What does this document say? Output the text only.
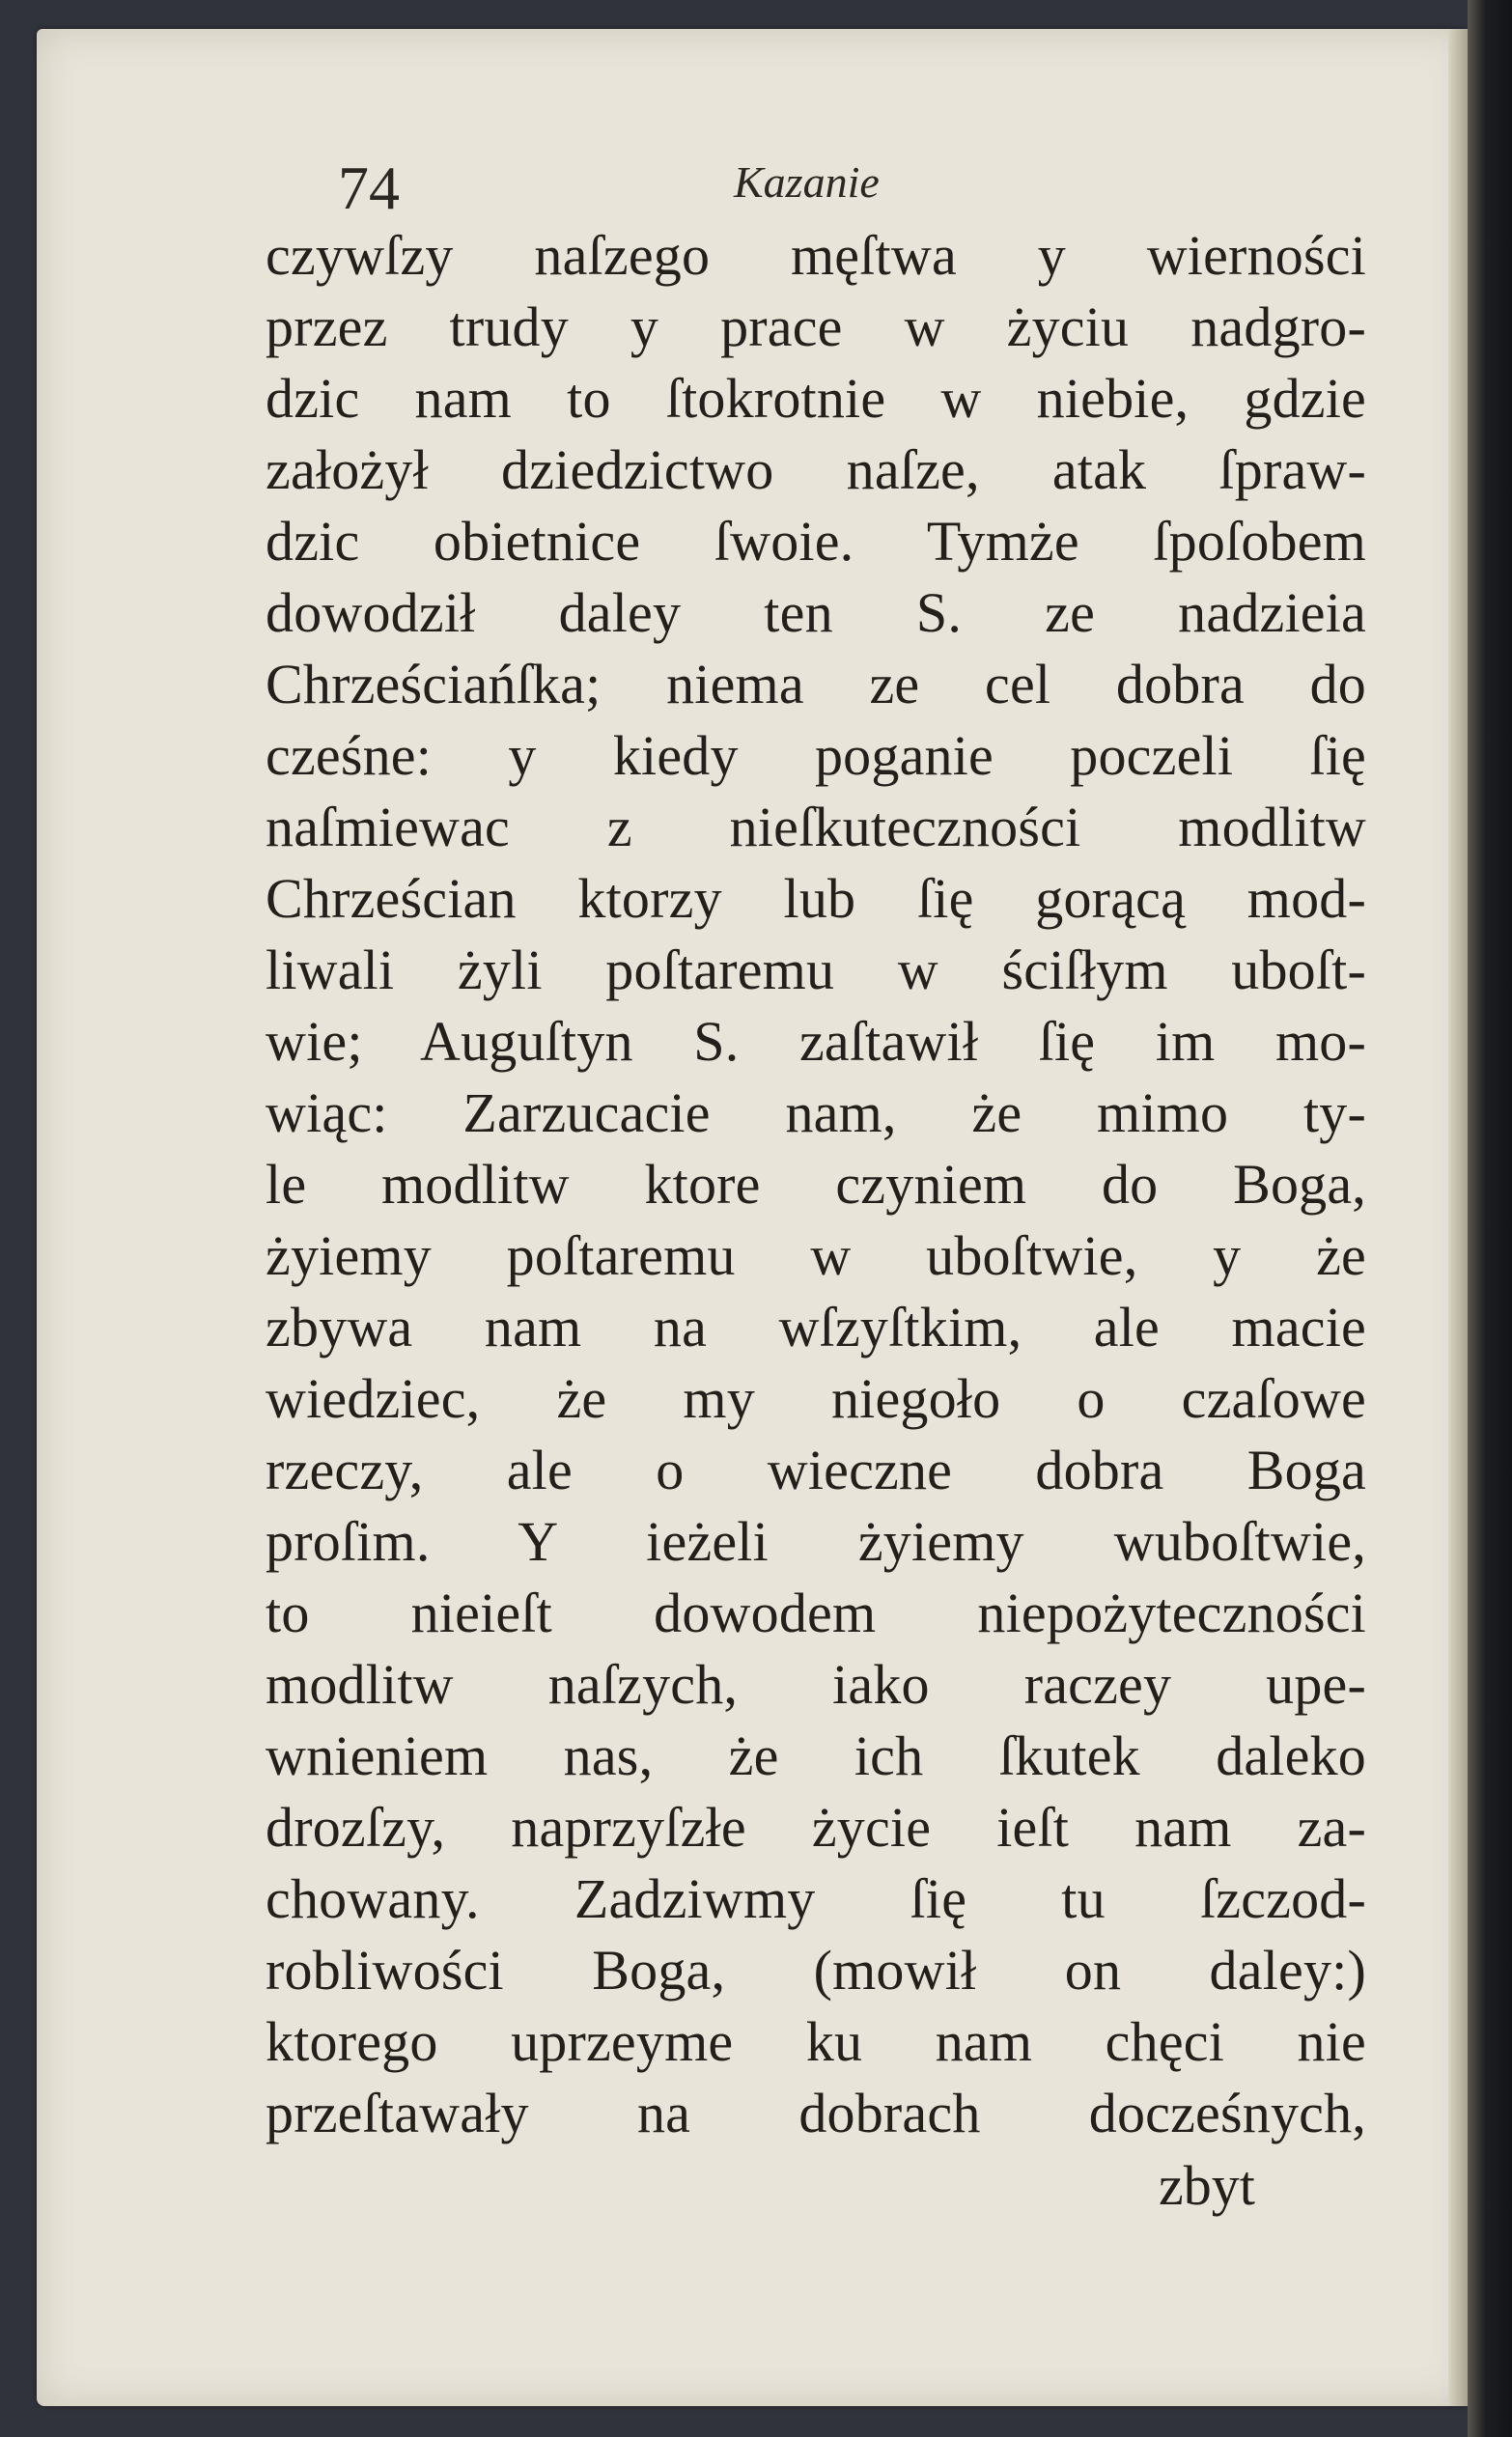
74	Kazanie
czywſzy naſzego męſtwa y wierności
przez trudy y prace w życiu nadgro-
dzic nam to ſtokrotnie w niebie, gdzie
założył dziedzictwo naſze, atak ſpraw-
dzic obietnice ſwoie. Tymże ſpoſobem
dowodził daley ten S. ze nadzieia
Chrześciańſka; niema ze cel dobra do
cześne: y kiedy poganie poczeli ſię
naſmiewac z nieſkuteczności modlitw
Chrześcian ktorzy lub ſię gorącą mod-
liwali żyli poſtaremu w ściſłym uboſt-
wie; Auguſtyn S. zaſtawił ſię im mo-
wiąc: Zarzucacie nam, że mimo ty-
le modlitw ktore czyniem do Boga,
żyiemy poſtaremu w uboſtwie, y że
zbywa nam na wſzyſtkim, ale macie
wiedziec, że my niegoło o czaſowe
rzeczy, ale o wieczne dobra Boga
proſim. Y ieżeli żyiemy wuboſtwie,
to nieieſt dowodem niepożyteczności
modlitw naſzych, iako raczey upe-
wnieniem nas, że ich ſkutek daleko
drozſzy, naprzyſzłe życie ieſt nam za-
chowany. Zadziwmy ſię tu ſzczod-
robliwości Boga, (mowił on daley:)
ktorego uprzeyme ku nam chęci nie
przeſtawały na dobrach docześnych,
zbyt
